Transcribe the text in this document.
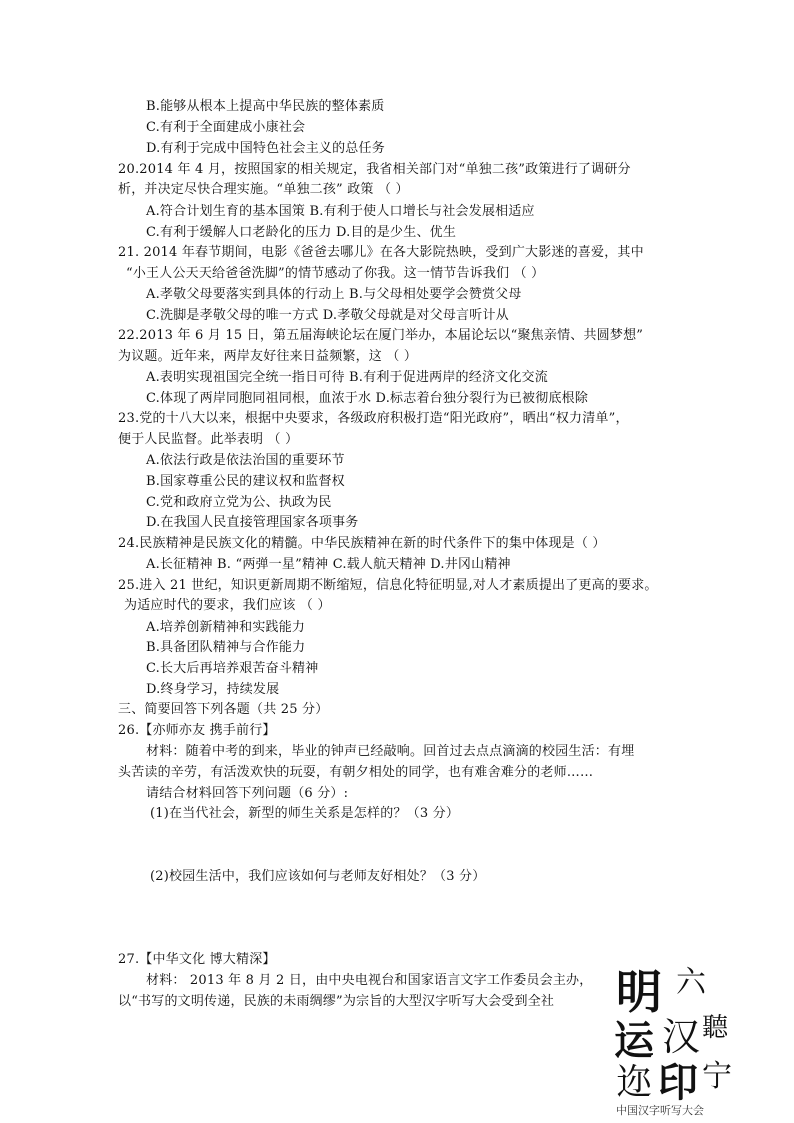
B.能够从根本上提高中华民族的整体素质
C.有利于全面建成小康社会
D.有利于完成中国特色社会主义的总任务
20.2014 年 4 月，按照国家的相关规定，我省相关部门对“单独二孩”政策进行了调研分
析，并决定尽快合理实施。“单独二孩” 政策 （ ）
A.符合计划生育的基本国策 B.有利于使人口增长与社会发展相适应
C.有利于缓解人口老龄化的压力 D.目的是少生、优生
21. 2014 年春节期间，电影《爸爸去哪儿》在各大影院热映，受到广大影迷的喜爱，其中
“小王人公天天给爸爸洗脚”的情节感动了你我。这一情节告诉我们 （ ）
A.孝敬父母要落实到具体的行动上 B.与父母相处要学会赞赏父母
C.洗脚是孝敬父母的唯一方式 D.孝敬父母就是对父母言听计从
22.2013 年 6 月 15 日，第五届海峡论坛在厦门举办，本届论坛以“聚焦亲情、共圆梦想”
为议题。近年来，两岸友好往来日益频繁，这 （ ）
A.表明实现祖国完全统一指日可待 B.有利于促进两岸的经济文化交流
C.体现了两岸同胞同祖同根，血浓于水 D.标志着台独分裂行为已被彻底根除
23.党的十八大以来，根据中央要求，各级政府积极打造“阳光政府”，晒出“权力清单”，
便于人民监督。此举表明 （ ）
A.依法行政是依法治国的重要环节
B.国家尊重公民的建议权和监督权
C.党和政府立党为公、执政为民
D.在我国人民直接管理国家各项事务
24.民族精神是民族文化的精髓。中华民族精神在新的时代条件下的集中体现是（ ）
A.长征精神 B. “两弹一星”精神 C.载人航天精神 D.井冈山精神
25.进入 21 世纪，知识更新周期不断缩短，信息化特征明显,对人才素质提出了更高的要求。
为适应时代的要求，我们应该 （ ）
A.培养创新精神和实践能力
B.具备团队精神与合作能力
C.长大后再培养艰苦奋斗精神
D.终身学习，持续发展
三、简要回答下列各题（共 25 分）
26.【亦师亦友 携手前行】
材料：随着中考的到来，毕业的钟声已经敲响。回首过去点点滴滴的校园生活：有埋
头苦读的辛劳，有活泼欢快的玩耍，有朝夕相处的同学，也有难舍难分的老师……
请结合材料回答下列问题（6 分）:
(1)在当代社会，新型的师生关系是怎样的？（3 分）
(2)校园生活中，我们应该如何与老师友好相处？（3 分）
27.【中华文化 博大精深】
材料： 2013 年 8 月 2 日，由中央电视台和国家语言文字工作委员会主办，
以“书写的文明传递，民族的未雨绸缪”为宗旨的大型汉字听写大会受到全社 明 六
运 汉 聽
迩 印 宁
中国汉字听写大会
